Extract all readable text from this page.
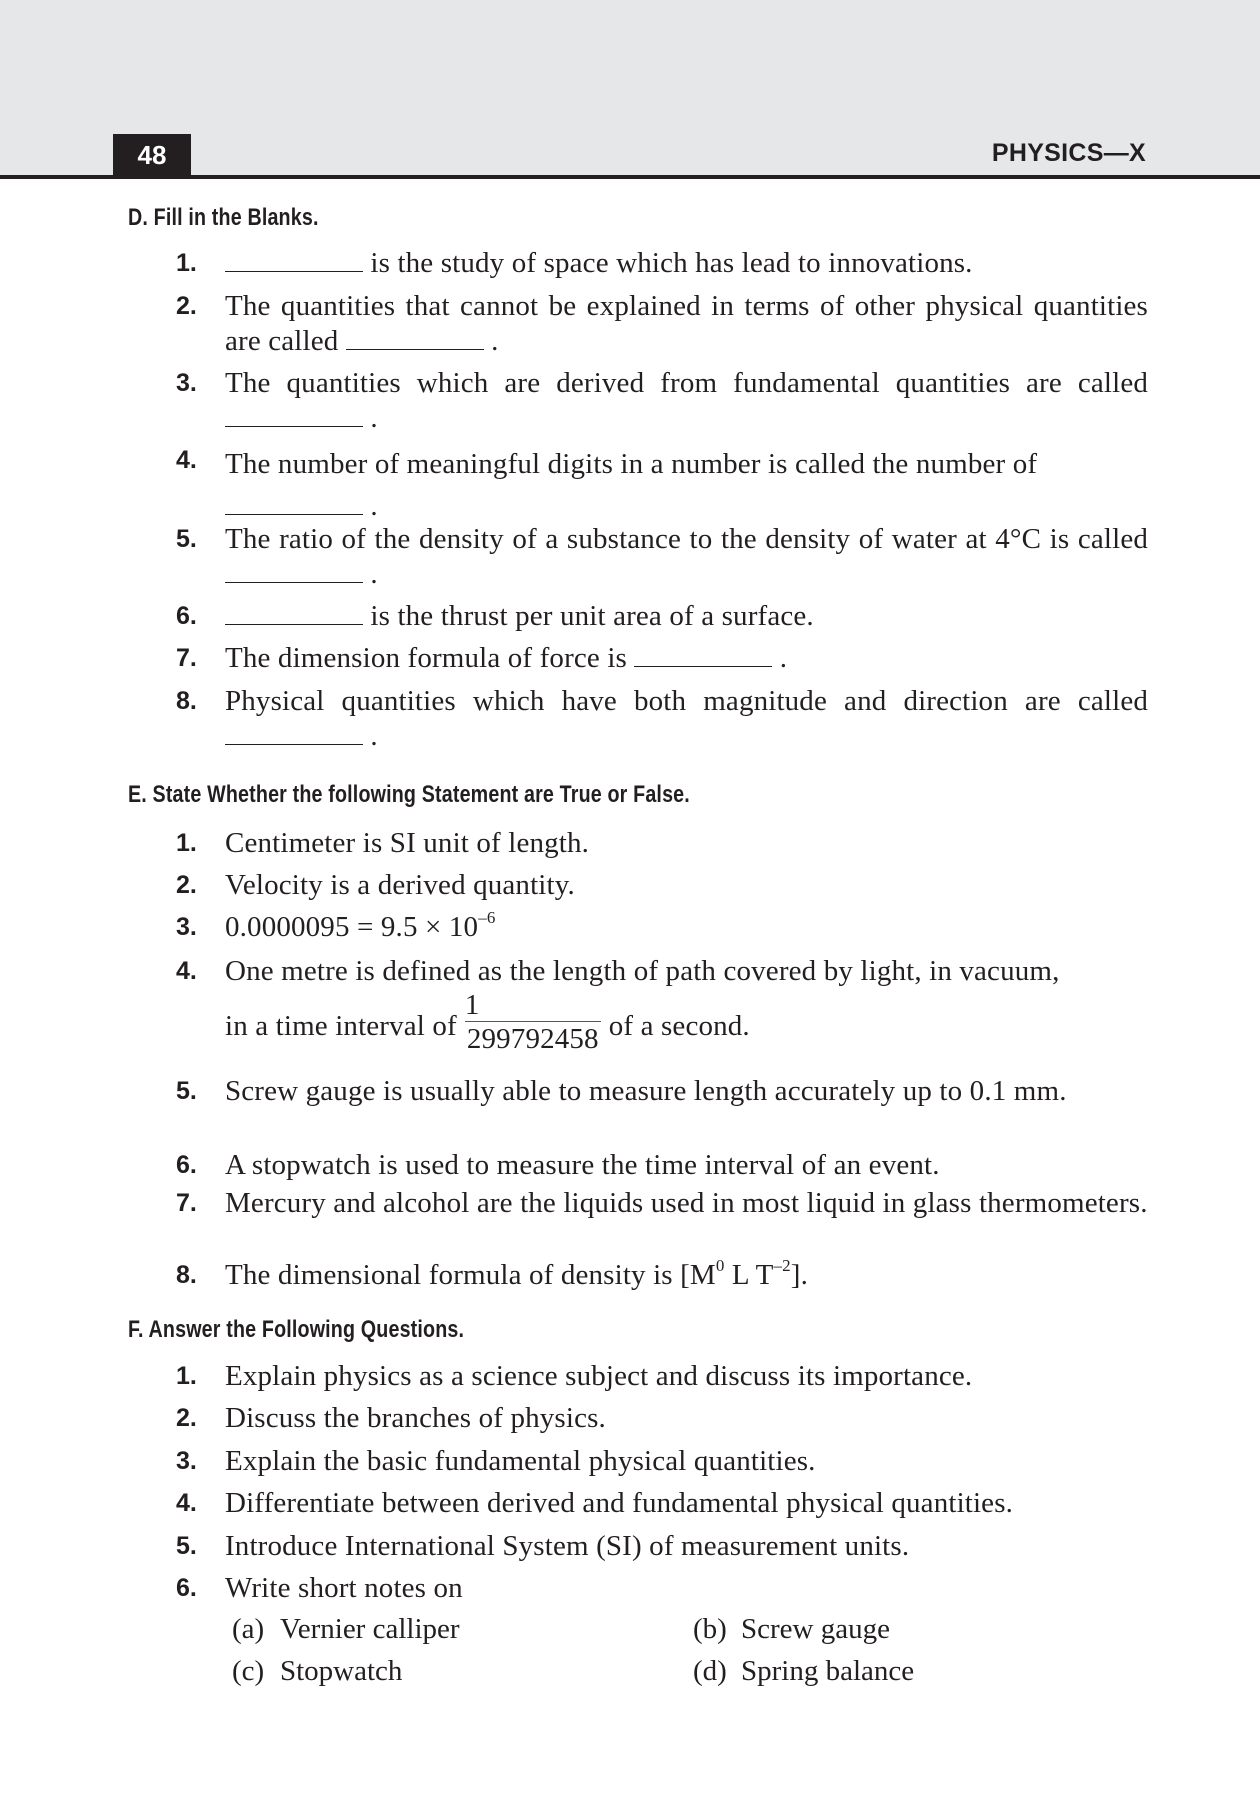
48	PHYSICS—X
D. Fill in the Blanks.
1.	is the study of space which has lead to innovations.
2. The quantities that cannot be explained in terms of other physical quantities are called	.
3. The quantities which are derived from fundamental quantities are called  .
4. The number of meaningful digits in a number is called the number of
.
5. The ratio of the density of a substance to the density of water at 4°C is called  .
6.	is the thrust per unit area of a surface.
7. The dimension formula of force is	.
8. Physical quantities which have both magnitude and direction are called  .
E. State Whether the following Statement are True or False.
1. Centimeter is SI unit of length.
2. Velocity is a derived quantity.
3. $0.0000095 = 9.5 \times 10^{-6}$
4. One metre is defined as the length of path covered by light, in vacuum,
in a time interval of $\frac{1}{299792458}$ of a second.
5. Screw gauge is usually able to measure length accurately up to 0.1 mm.
6. A stopwatch is used to measure the time interval of an event.
7. Mercury and alcohol are the liquids used in most liquid in glass thermometers.
8. The dimensional formula of density is [$M^0$ L $T^{-2}$].
F. Answer the Following Questions.
1. Explain physics as a science subject and discuss its importance.
2. Discuss the branches of physics.
3. Explain the basic fundamental physical quantities.
4. Differentiate between derived and fundamental physical quantities.
5. Introduce International System (SI) of measurement units.
6. Write short notes on
(a) Vernier calliper	(b) Screw gauge
(c) Stopwatch	(d) Spring balance
